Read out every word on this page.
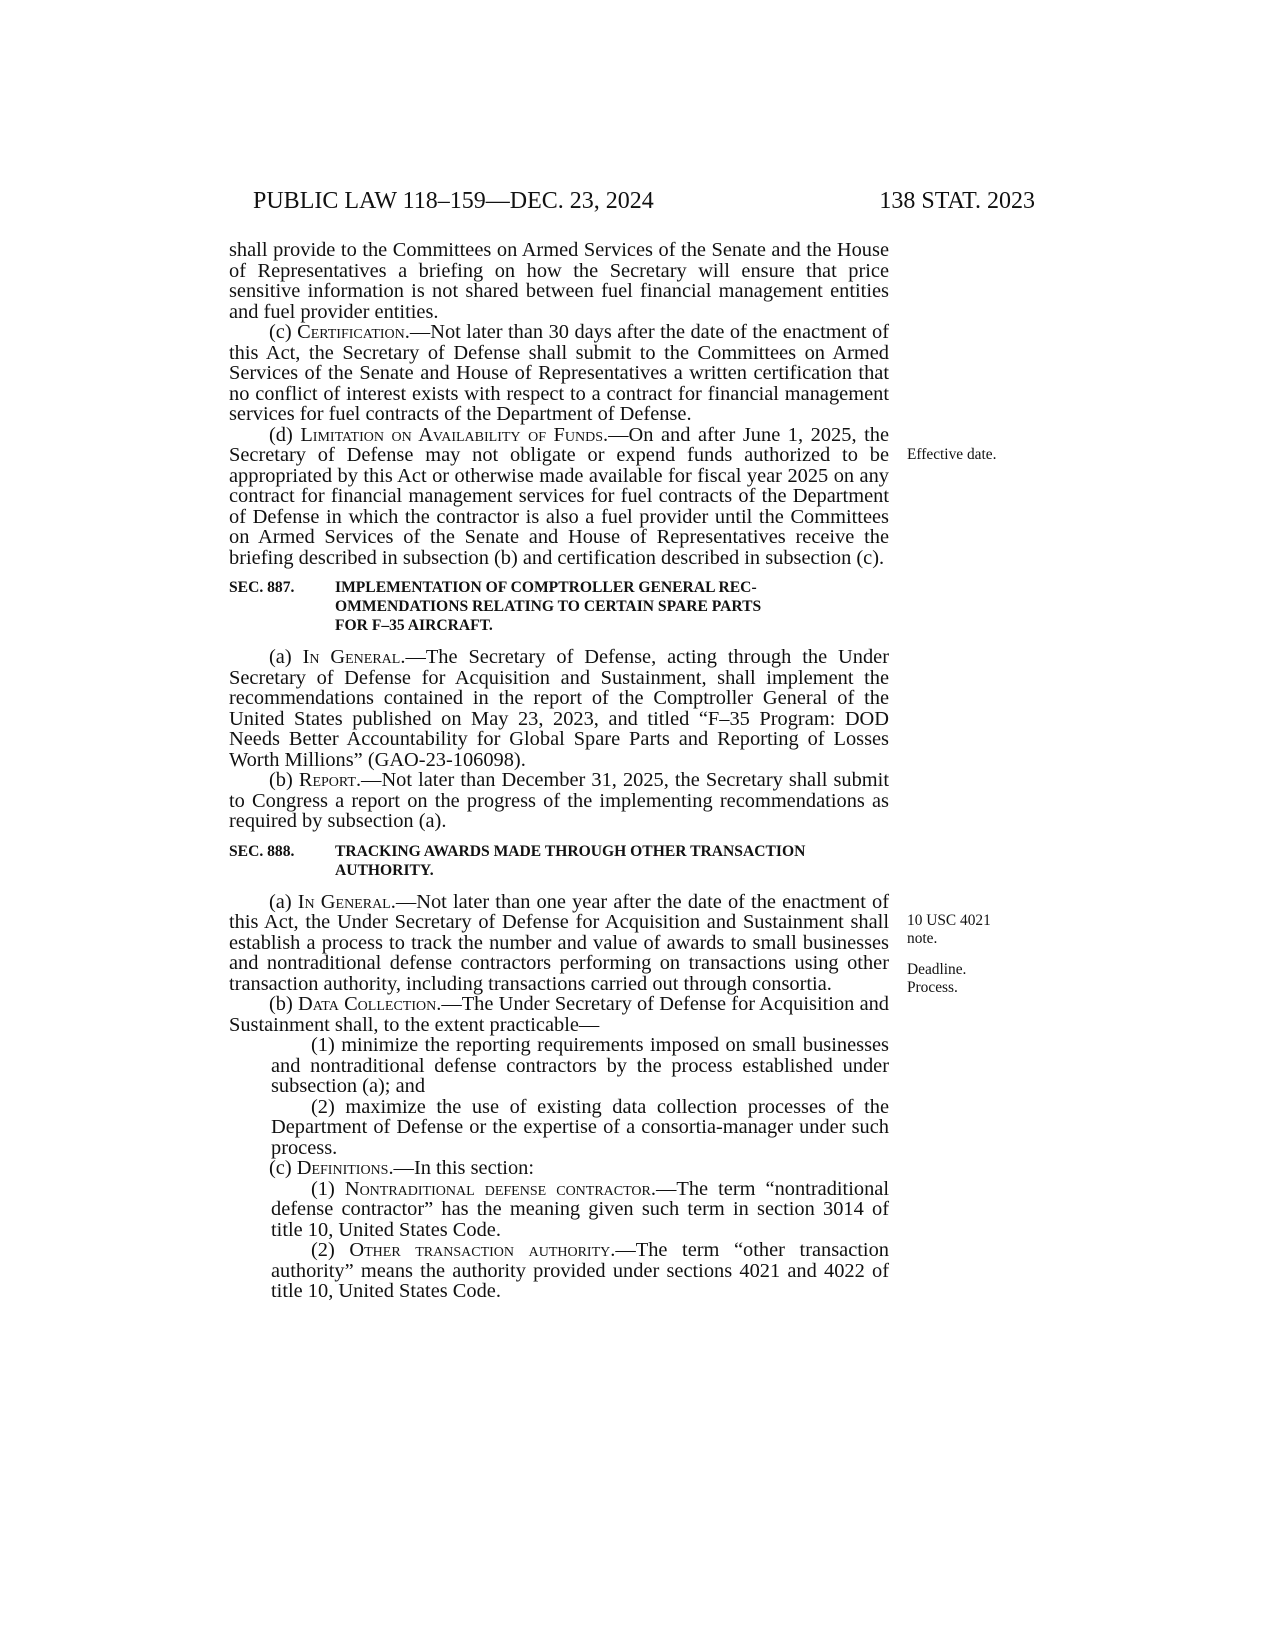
PUBLIC LAW 118–159—DEC. 23, 2024	138 STAT. 2023

shall provide to the Committees on Armed Services of the Senate and the House of Representatives a briefing on how the Secretary will ensure that price sensitive information is not shared between fuel financial management entities and fuel provider entities.

(c) Certification.—Not later than 30 days after the date of the enactment of this Act, the Secretary of Defense shall submit to the Committees on Armed Services of the Senate and House of Representatives a written certification that no conflict of interest exists with respect to a contract for financial management services for fuel contracts of the Department of Defense.

(d) Limitation on Availability of Funds.—On and after June 1, 2025, the Secretary of Defense may not obligate or expend funds authorized to be appropriated by this Act or otherwise made available for fiscal year 2025 on any contract for financial management services for fuel contracts of the Department of Defense in which the contractor is also a fuel provider until the Committees on Armed Services of the Senate and House of Representatives receive the briefing described in subsection (b) and certification described in subsection (c).

SEC. 887.	IMPLEMENTATION OF COMPTROLLER GENERAL REC-
OMMENDATIONS RELATING TO CERTAIN SPARE PARTS
FOR F–35 AIRCRAFT.

(a) In General.—The Secretary of Defense, acting through the Under Secretary of Defense for Acquisition and Sustainment, shall implement the recommendations contained in the report of the Comptroller General of the United States published on May 23, 2023, and titled “F–35 Program: DOD Needs Better Accountability for Global Spare Parts and Reporting of Losses Worth Millions” (GAO-23-106098).

(b) Report.—Not later than December 31, 2025, the Secretary shall submit to Congress a report on the progress of the implementing recommendations as required by subsection (a).

SEC. 888.	TRACKING AWARDS MADE THROUGH OTHER TRANSACTION
AUTHORITY.

(a) In General.—Not later than one year after the date of the enactment of this Act, the Under Secretary of Defense for Acquisition and Sustainment shall establish a process to track the number and value of awards to small businesses and nontraditional defense contractors performing on transactions using other transaction authority, including transactions carried out through consortia.

(b) Data Collection.—The Under Secretary of Defense for Acquisition and Sustainment shall, to the extent practicable—

(1) minimize the reporting requirements imposed on small businesses and nontraditional defense contractors by the process established under subsection (a); and

(2) maximize the use of existing data collection processes of the Department of Defense or the expertise of a consortia-manager under such process.

(c) Definitions.—In this section:

(1) Nontraditional defense contractor.—The term “nontraditional defense contractor” has the meaning given such term in section 3014 of title 10, United States Code.

(2) Other transaction authority.—The term “other transaction authority” means the authority provided under sections 4021 and 4022 of title 10, United States Code.

Effective date.
10 USC 4021
note.
Deadline.
Process.
